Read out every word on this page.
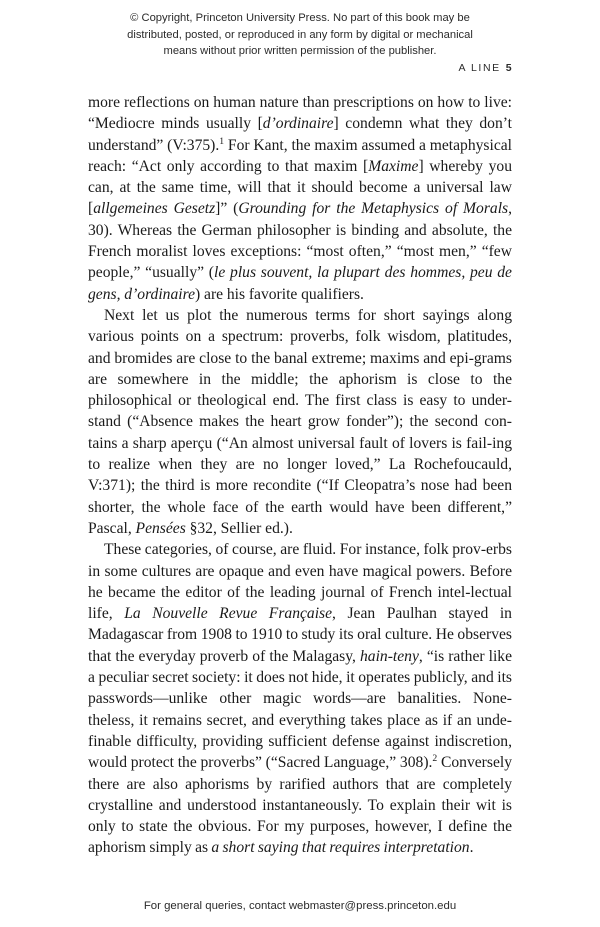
© Copyright, Princeton University Press. No part of this book may be
distributed, posted, or reproduced in any form by digital or mechanical
means without prior written permission of the publisher.
A LINE 5

more reflections on human nature than prescriptions on how to live: “Mediocre minds usually [d’ordinaire] condemn what they don’t understand” (V:375).$^1$ For Kant, the maxim assumed a metaphysical reach: “Act only according to that maxim [Maxime] whereby you can, at the same time, will that it should become a universal law [allgemeines Gesetz]” (Grounding for the Metaphysics of Morals, 30). Whereas the German philosopher is binding and absolute, the French moralist loves exceptions: “most often,” “most men,” “few people,” “usually” (le plus souvent, la plupart des hommes, peu de gens, d’ordinaire) are his favorite qualifiers.

Next let us plot the numerous terms for short sayings along various points on a spectrum: proverbs, folk wisdom, platitudes, and bromides are close to the banal extreme; maxims and epi-grams are somewhere in the middle; the aphorism is close to the philosophical or theological end. The first class is easy to under-stand (“Absence makes the heart grow fonder”); the second con-tains a sharp aperçu (“An almost universal fault of lovers is fail-ing to realize when they are no longer loved,” La Rochefoucauld, V:371); the third is more recondite (“If Cleopatra’s nose had been shorter, the whole face of the earth would have been different,” Pascal, Pensées §32, Sellier ed.).

These categories, of course, are fluid. For instance, folk prov-erbs in some cultures are opaque and even have magical powers. Before he became the editor of the leading journal of French intel-lectual life, La Nouvelle Revue Française, Jean Paulhan stayed in Madagascar from 1908 to 1910 to study its oral culture. He observes that the everyday proverb of the Malagasy, hain-teny, “is rather like a peculiar secret society: it does not hide, it operates publicly, and its passwords—unlike other magic words—are banalities. None-theless, it remains secret, and everything takes place as if an unde-finable difficulty, providing sufficient defense against indiscretion, would protect the proverbs” (“Sacred Language,” 308).$^2$ Conversely there are also aphorisms by rarified authors that are completely crystalline and understood instantaneously. To explain their wit is only to state the obvious. For my purposes, however, I define the aphorism simply as a short saying that requires interpretation.

For general queries, contact webmaster@press.princeton.edu
